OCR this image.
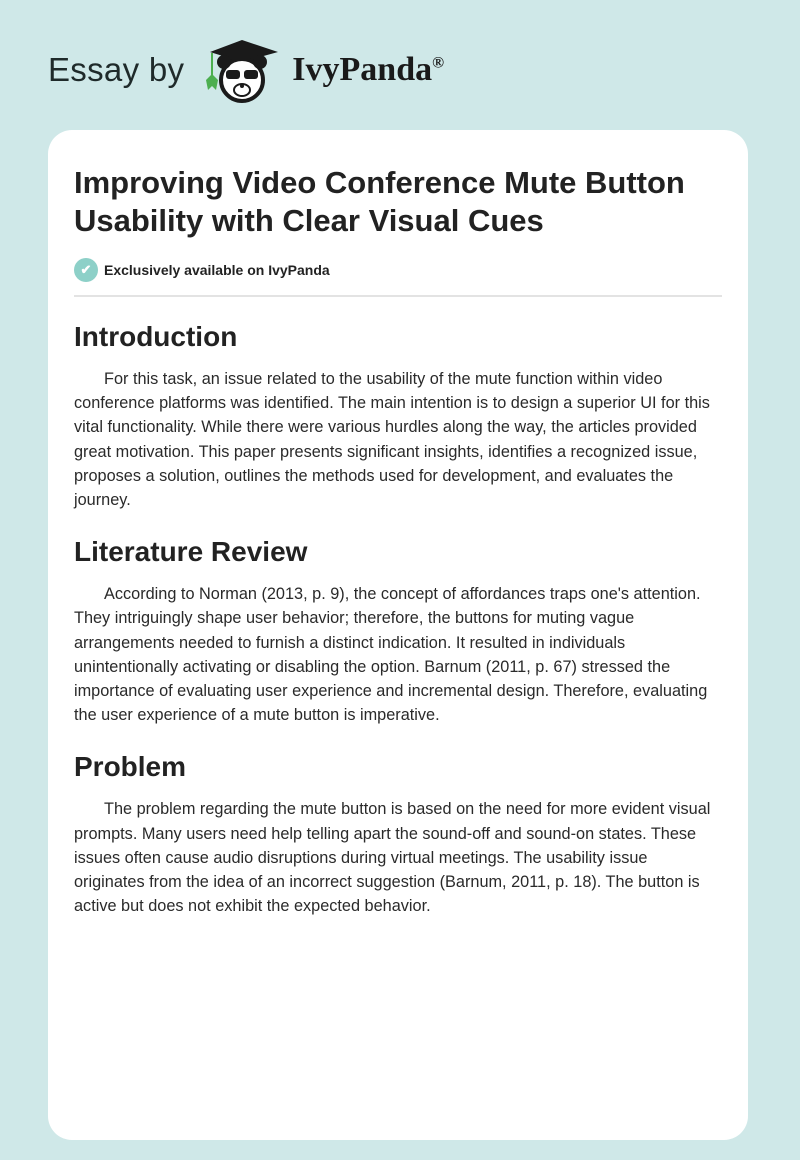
Essay by	IvyPanda®
Improving Video Conference Mute Button Usability with Clear Visual Cues
✔ Exclusively available on IvyPanda
Introduction

For this task, an issue related to the usability of the mute function within video conference platforms was identified. The main intention is to design a superior UI for this vital functionality. While there were various hurdles along the way, the articles provided great motivation. This paper presents significant insights, identifies a recognized issue, proposes a solution, outlines the methods used for development, and evaluates the journey.

Literature Review

According to Norman (2013, p. 9), the concept of affordances traps one's attention. They intriguingly shape user behavior; therefore, the buttons for muting vague arrangements needed to furnish a distinct indication. It resulted in individuals unintentionally activating or disabling the option. Barnum (2011, p. 67) stressed the importance of evaluating user experience and incremental design. Therefore, evaluating the user experience of a mute button is imperative.

Problem

The problem regarding the mute button is based on the need for more evident visual prompts. Many users need help telling apart the sound-off and sound-on states. These issues often cause audio disruptions during virtual meetings. The usability issue originates from the idea of an incorrect suggestion (Barnum, 2011, p. 18). The button is active but does not exhibit the expected behavior.
